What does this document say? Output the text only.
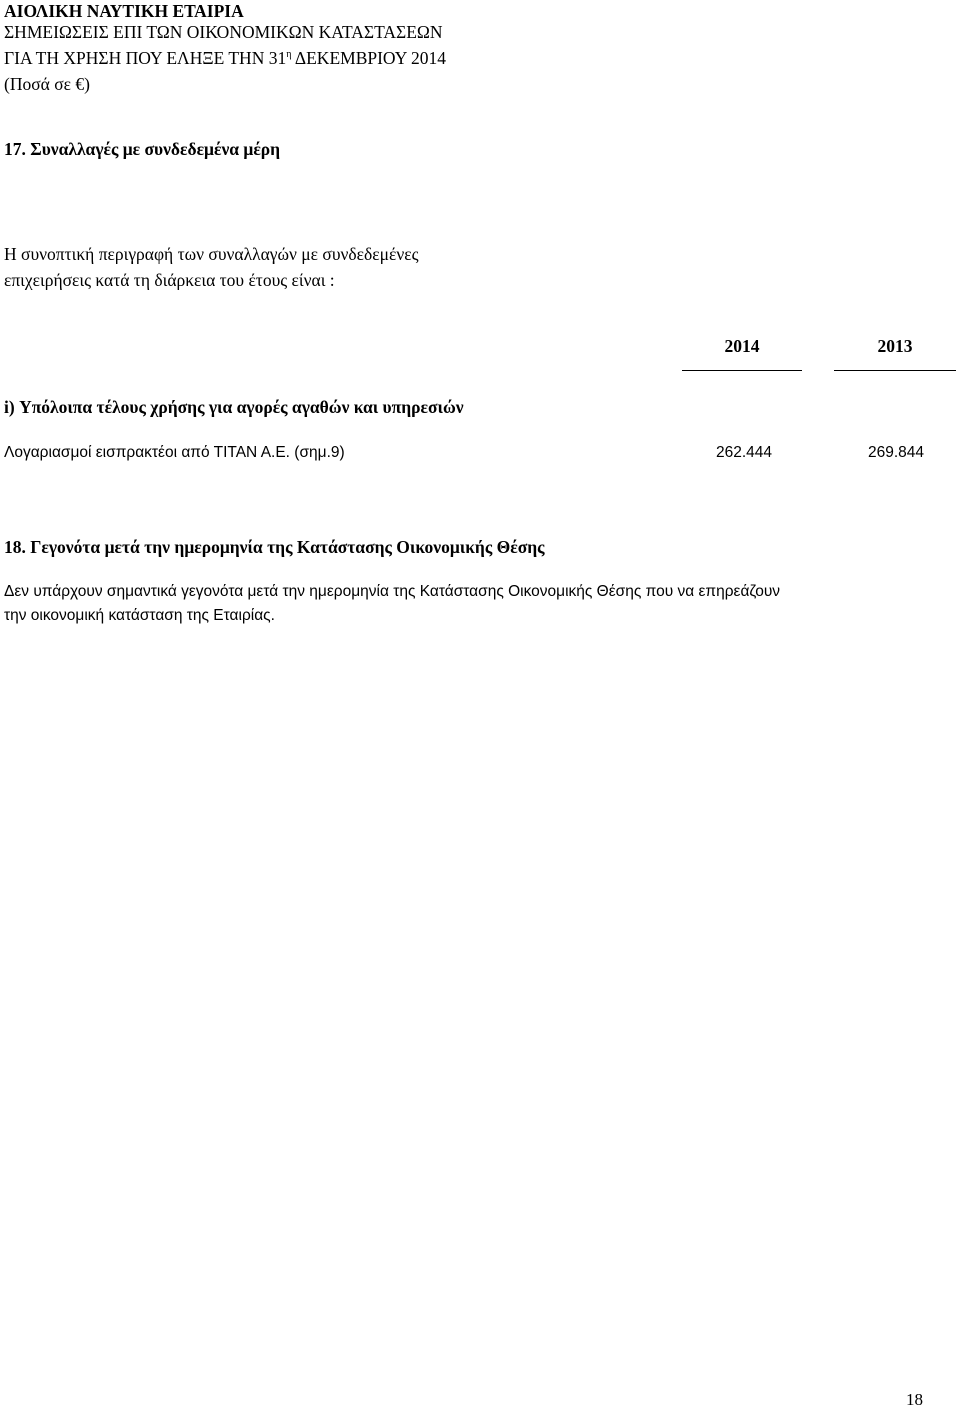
ΑΙΟΛΙΚΗ ΝΑΥΤΙΚΗ ΕΤΑΙΡΙΑ
ΣΗΜΕΙΩΣΕΙΣ ΕΠΙ ΤΩΝ ΟΙΚΟΝΟΜΙΚΩΝ ΚΑΤΑΣΤΑΣΕΩΝ
ΓΙΑ ΤΗ ΧΡΗΣΗ ΠΟΥ ΕΛΗΞΕ ΤΗΝ $31^\eta$ ΔΕΚΕΜΒΡΙΟΥ 2014
(Ποσά σε €)
17. Συναλλαγές με συνδεδεμένα μέρη
Η συνοπτική περιγραφή των συναλλαγών με συνδεδεμένες
επιχειρήσεις κατά τη διάρκεια του έτους είναι :
2014	2013
i) Υπόλοιπα τέλους χρήσης για αγορές αγαθών και υπηρεσιών
Λογαριασμοί εισπρακτέοι από ΤΙΤΑΝ Α.Ε. (σημ.9)	262.444	269.844
18. Γεγονότα μετά την ημερομηνία της Κατάστασης Οικονομικής Θέσης
Δεν υπάρχουν σημαντικά γεγονότα μετά την ημερομηνία της Κατάστασης Οικονομικής Θέσης που να επηρεάζουν
την οικονομική κατάσταση της Εταιρίας.
18
